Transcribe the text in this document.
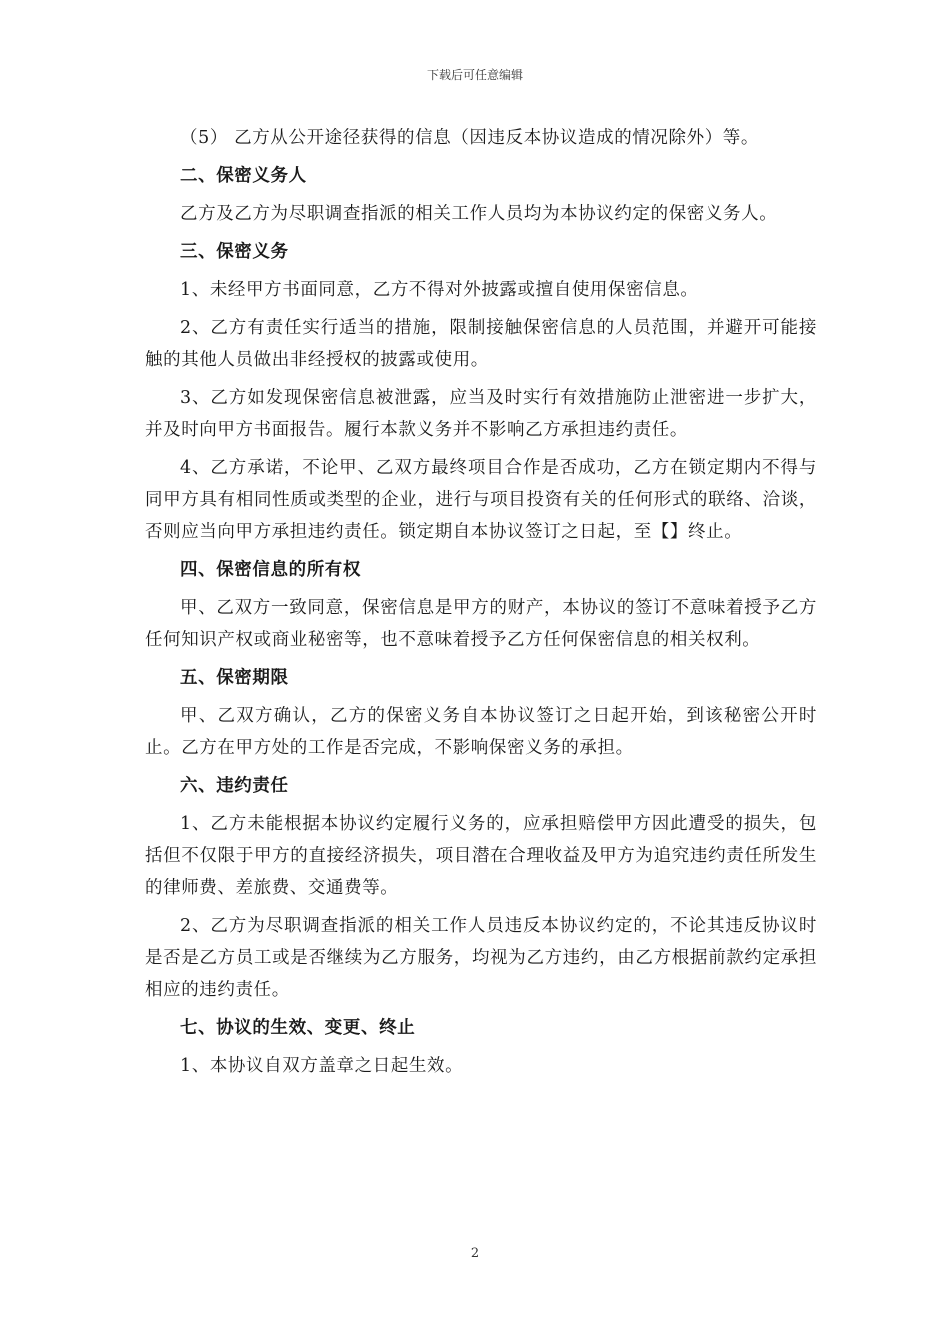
下载后可任意编辑

（5） 乙方从公开途径获得的信息（因违反本协议造成的情况除外）等。

二、保密义务人

乙方及乙方为尽职调查指派的相关工作人员均为本协议约定的保密义务人。

三、保密义务

1、未经甲方书面同意，乙方不得对外披露或擅自使用保密信息。

2、乙方有责任实行适当的措施，限制接触保密信息的人员范围，并避开可能接触的其他人员做出非经授权的披露或使用。

3、乙方如发现保密信息被泄露，应当及时实行有效措施防止泄密进一步扩大，并及时向甲方书面报告。履行本款义务并不影响乙方承担违约责任。

4、乙方承诺，不论甲、乙双方最终项目合作是否成功，乙方在锁定期内不得与同甲方具有相同性质或类型的企业，进行与项目投资有关的任何形式的联络、洽谈，否则应当向甲方承担违约责任。锁定期自本协议签订之日起，至【】终止。

四、保密信息的所有权

甲、乙双方一致同意，保密信息是甲方的财产，本协议的签订不意味着授予乙方任何知识产权或商业秘密等，也不意味着授予乙方任何保密信息的相关权利。

五、保密期限

甲、乙双方确认，乙方的保密义务自本协议签订之日起开始，到该秘密公开时止。乙方在甲方处的工作是否完成，不影响保密义务的承担。

六、违约责任

1、乙方未能根据本协议约定履行义务的，应承担赔偿甲方因此遭受的损失，包括但不仅限于甲方的直接经济损失，项目潜在合理收益及甲方为追究违约责任所发生的律师费、差旅费、交通费等。

2、乙方为尽职调查指派的相关工作人员违反本协议约定的，不论其违反协议时是否是乙方员工或是否继续为乙方服务，均视为乙方违约，由乙方根据前款约定承担相应的违约责任。

七、协议的生效、变更、终止

1、本协议自双方盖章之日起生效。

2
